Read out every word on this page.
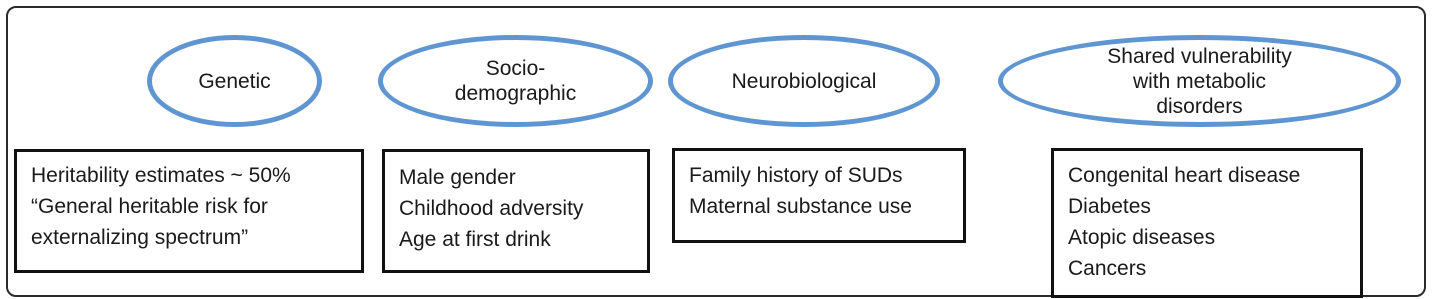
Genetic
Heritability estimates ~ 50%
“General heritable risk for
externalizing spectrum”
Socio-
demographic
Male gender
Childhood adversity
Age at first drink
Neurobiological
Family history of SUDs
Maternal substance use
Shared vulnerability
with metabolic
disorders
Congenital heart disease
Diabetes
Atopic diseases
Cancers
